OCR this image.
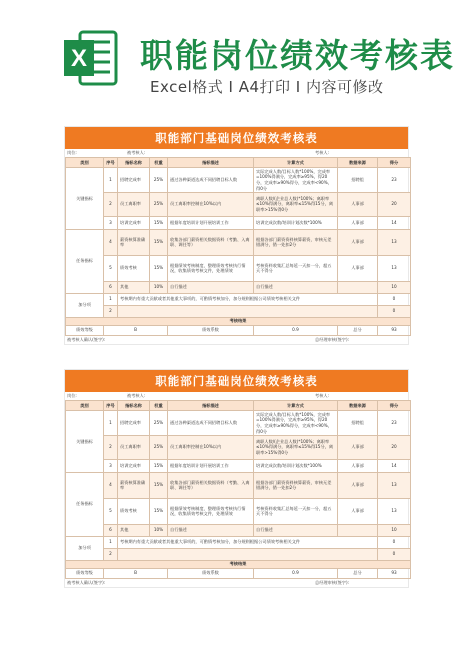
X 职能岗位绩效考核表
Excel格式 I A4打印 I 内容可修改
职能部门基础岗位绩效考核表
岗位:	被考核人:	考核人:
类别	序号	指标名称	权重	指标描述	计算方式	数据来源	得分
关键指标	1	招聘完成率	25%	通过各种渠道达成不同招聘目标人数	实际完成人数/目标人数*100%，完成率=100%得满分，完成率≥95%，得20分，完成率≥90%得分，完成率<90%，得0分	招聘组	23
	2	员工离职率	25%	员工离职率控制在10%以内	离职人数/(企业总人数)*100%；离职率≤10%得满分，离职率≤15%得15分，离职率>15%得0分	人事部	20
	3	培训完成率	15%	根据年度培训计划开展培训工作	培训完成次数/培训计划次数*100%	人事部	14
任务指标	4	薪资核算准确率	15%	收集各部门薪资相关数据资料（考勤、入离职、调任等）	根据各部门薪资资料核算薪资，审核无差错满分，错一处扣2分	人事部	13
	5	绩效考核	15%	根据绩效考核制度，整理绩效考核执行情况，收集绩效考核文件，处理绩效	考核资料收集汇总每延一天扣一分，超五天不得分	人事部	13
	6	其他	10%	自行描述	自行描述		10
加分项	1	考核期内有重大贡献或者其他重大事项的，可酌情考核加分，加分规则根据公司绩效考核相关文件					0
	2						0
考核结果							
绩效等级	B			绩效系数	0.9	总分	93
被考核人确认(签字):	总经理审核(签字):
职能部门基础岗位绩效考核表
岗位:	被考核人:	考核人:
类别	序号	指标名称	权重	指标描述	计算方式	数据来源	得分
关键指标	1	招聘完成率	25%	通过各种渠道达成不同招聘目标人数	实际完成人数/目标人数*100%，完成率=100%得满分，完成率≥95%，得20分，完成率≥90%得分，完成率<90%，得0分	招聘组	23
	2	员工离职率	25%	员工离职率控制在10%以内	离职人数/(企业总人数)*100%；离职率≤10%得满分，离职率≤15%得15分，离职率>15%得0分	人事部	20
	3	培训完成率	15%	根据年度培训计划开展培训工作	培训完成次数/培训计划次数*100%	人事部	14
任务指标	4	薪资核算准确率	15%	收集各部门薪资相关数据资料（考勤、入离职、调任等）	根据各部门薪资资料核算薪资，审核无差错满分，错一处扣2分	人事部	13
	5	绩效考核	15%	根据绩效考核制度，整理绩效考核执行情况，收集绩效考核文件，处理绩效	考核资料收集汇总每延一天扣一分，超五天不得分	人事部	13
	6	其他	10%	自行描述	自行描述		10
加分项	1	考核期内有重大贡献或者其他重大事项的，可酌情考核加分，加分规则根据公司绩效考核相关文件					0
	2						0
考核结果							
绩效等级	B			绩效系数	0.9	总分	93
被考核人确认(签字):	总经理审核(签字):
